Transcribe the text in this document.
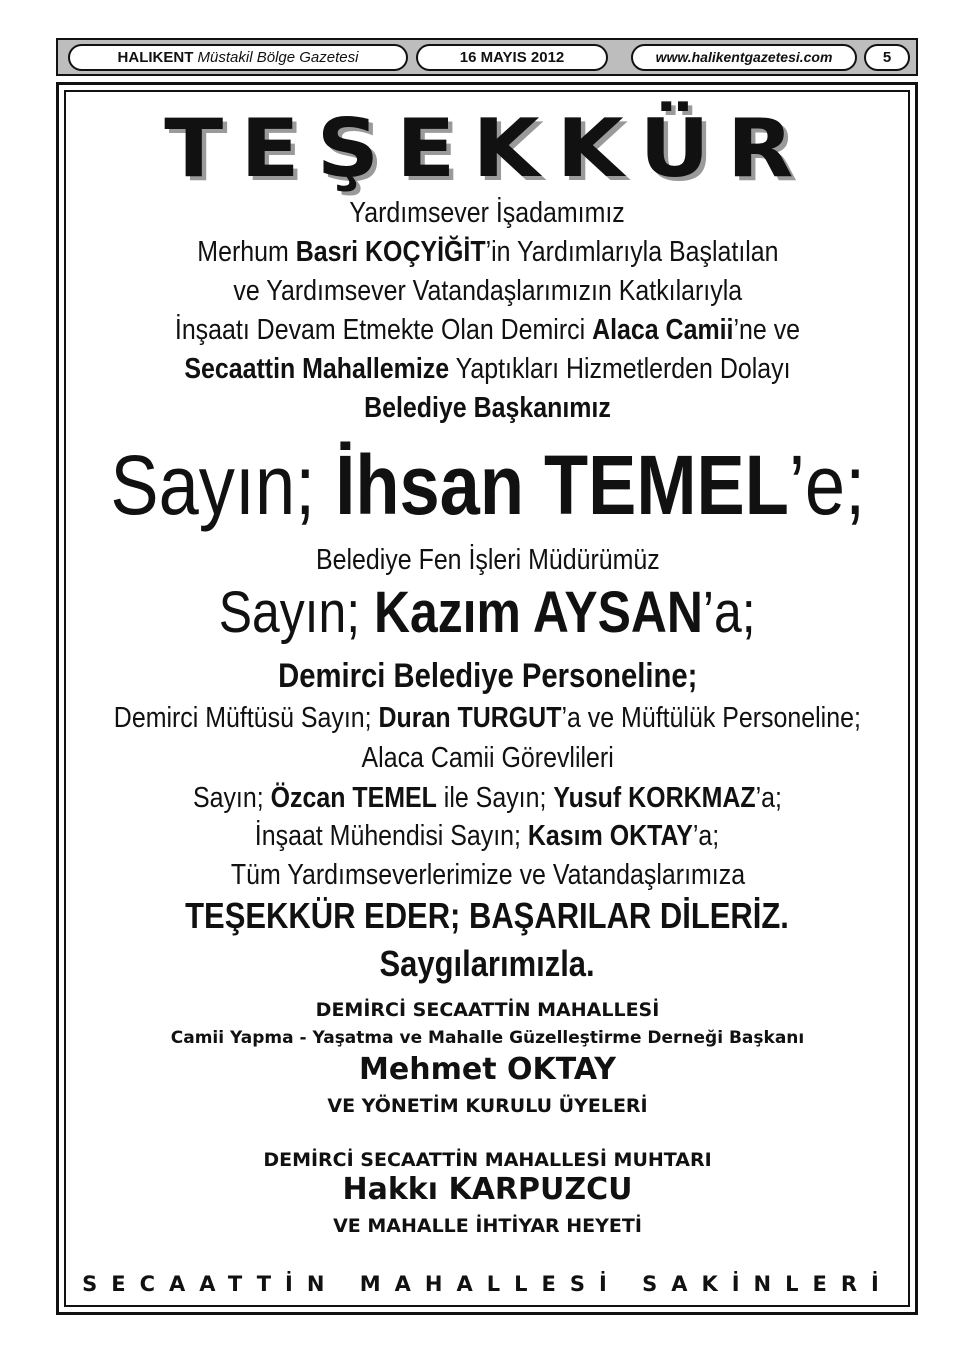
HALIKENT Müstakil Bölge Gazetesi	16 MAYIS 2012	www.halikentgazetesi.com	5
TEŞEKKÜR
Yardımsever İşadamımız
Merhum Basri KOÇYİĞİT’in Yardımlarıyla Başlatılan
ve Yardımsever Vatandaşlarımızın Katkılarıyla
İnşaatı Devam Etmekte Olan Demirci Alaca Camii’ne ve
Secaattin Mahallemize Yaptıkları Hizmetlerden Dolayı
Belediye Başkanımız
Sayın; İhsan TEMEL’e;
Belediye Fen İşleri Müdürümüz
Sayın; Kazım AYSAN’a;
Demirci Belediye Personeline;
Demirci Müftüsü Sayın; Duran TURGUT’a ve Müftülük Personeline;
Alaca Camii Görevlileri
Sayın; Özcan TEMEL ile Sayın; Yusuf KORKMAZ’a;
İnşaat Mühendisi Sayın; Kasım OKTAY’a;
Tüm Yardımseverlerimize ve Vatandaşlarımıza
TEŞEKKÜR EDER; BAŞARILAR DİLERİZ.
Saygılarımızla.
DEMİRCİ SECAATTİN MAHALLESİ
Camii Yapma - Yaşatma ve Mahalle Güzelleştirme Derneği Başkanı
Mehmet OKTAY
VE YÖNETİM KURULU ÜYELERİ
DEMİRCİ SECAATTİN MAHALLESİ MUHTARI
Hakkı KARPUZCU
VE MAHALLE İHTİYAR HEYETİ
SECAATTİN MAHALLESİ SAKİNLERİ
